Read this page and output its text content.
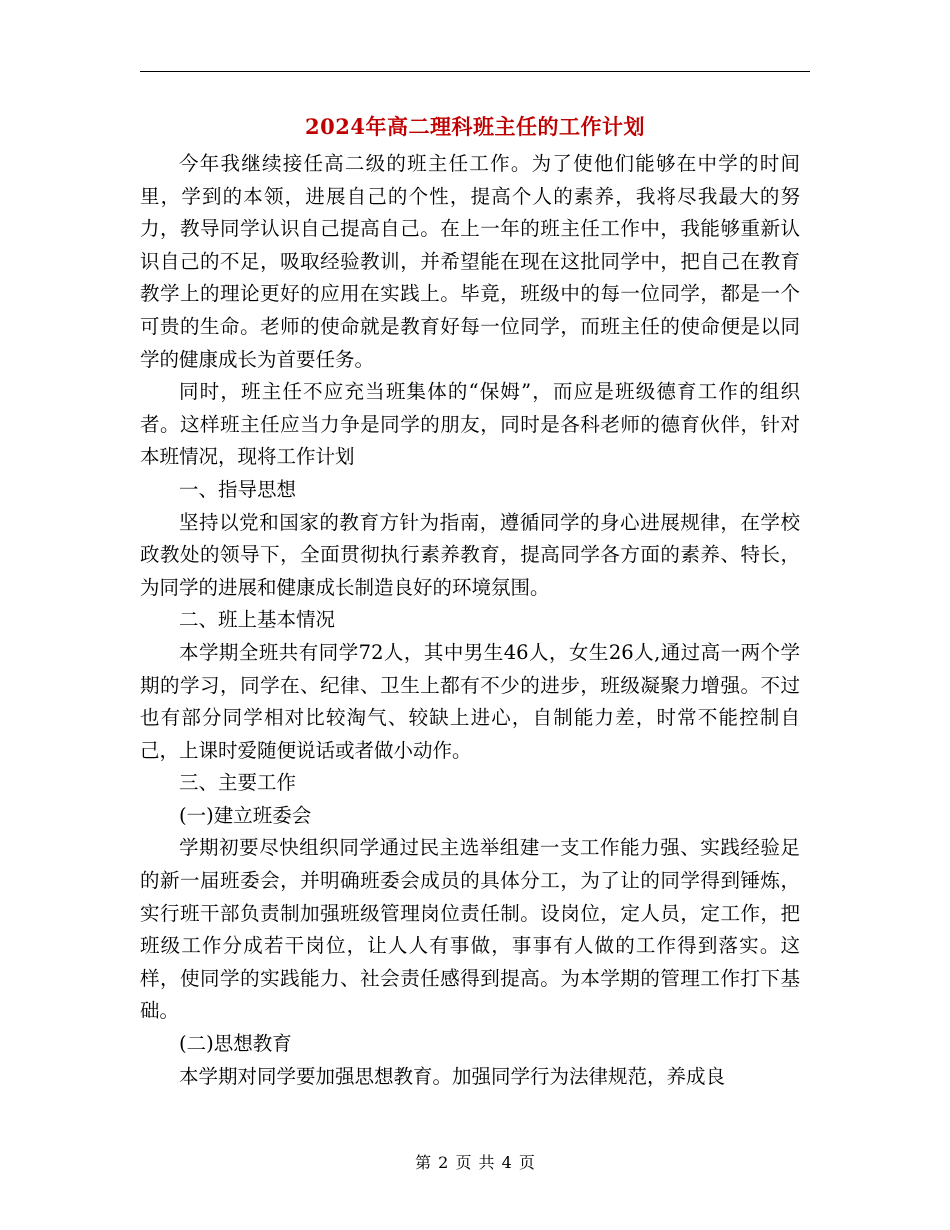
2024年高二理科班主任的工作计划

今年我继续接任高二级的班主任工作。为了使他们能够在中学的时间里，学到的本领，进展自己的个性，提高个人的素养，我将尽我最大的努力，教导同学认识自己提高自己。在上一年的班主任工作中，我能够重新认识自己的不足，吸取经验教训，并希望能在现在这批同学中，把自己在教育教学上的理论更好的应用在实践上。毕竟，班级中的每一位同学，都是一个可贵的生命。老师的使命就是教育好每一位同学，而班主任的使命便是以同学的健康成长为首要任务。

同时，班主任不应充当班集体的“保姆”，而应是班级德育工作的组织者。这样班主任应当力争是同学的朋友，同时是各科老师的德育伙伴，针对本班情况，现将工作计划

一、指导思想

坚持以党和国家的教育方针为指南，遵循同学的身心进展规律，在学校政教处的领导下，全面贯彻执行素养教育，提高同学各方面的素养、特长，为同学的进展和健康成长制造良好的环境氛围。

二、班上基本情况

本学期全班共有同学72人，其中男生46人，女生26人,通过高一两个学期的学习，同学在、纪律、卫生上都有不少的进步，班级凝聚力增强。不过也有部分同学相对比较淘气、较缺上进心，自制能力差，时常不能控制自己，上课时爱随便说话或者做小动作。

三、主要工作

(一)建立班委会

学期初要尽快组织同学通过民主选举组建一支工作能力强、实践经验足的新一届班委会，并明确班委会成员的具体分工，为了让的同学得到锤炼，实行班干部负责制加强班级管理岗位责任制。设岗位，定人员，定工作，把班级工作分成若干岗位，让人人有事做，事事有人做的工作得到落实。这样，使同学的实践能力、社会责任感得到提高。为本学期的管理工作打下基础。

(二)思想教育

本学期对同学要加强思想教育。加强同学行为法律规范，养成良

第 2 页 共 4 页
